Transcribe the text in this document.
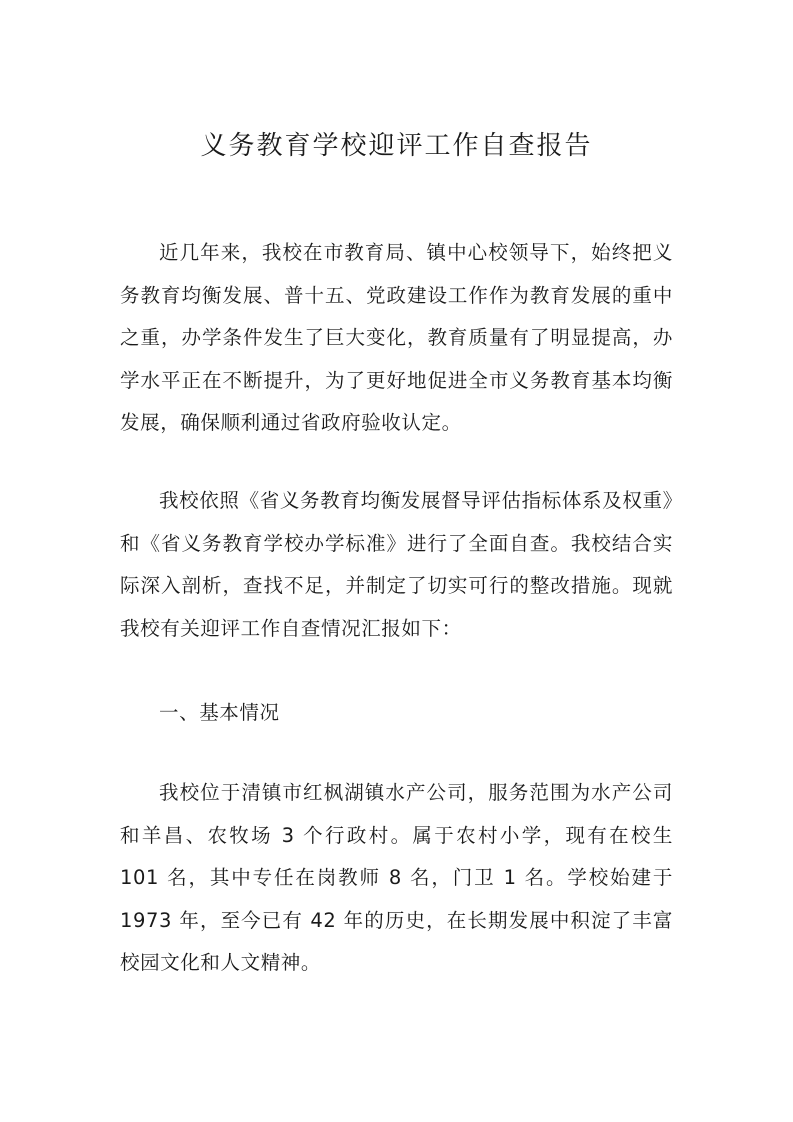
义务教育学校迎评工作自查报告

近几年来，我校在市教育局、镇中心校领导下，始终把义务教育均衡发展、普十五、党政建设工作作为教育发展的重中之重，办学条件发生了巨大变化，教育质量有了明显提高，办学水平正在不断提升，为了更好地促进全市义务教育基本均衡发展，确保顺利通过省政府验收认定。

我校依照《省义务教育均衡发展督导评估指标体系及权重》和《省义务教育学校办学标准》进行了全面自查。我校结合实际深入剖析，查找不足，并制定了切实可行的整改措施。现就我校有关迎评工作自查情况汇报如下：

一、基本情况

我校位于清镇市红枫湖镇水产公司，服务范围为水产公司和羊昌、农牧场 3 个行政村。属于农村小学，现有在校生 101 名，其中专任在岗教师 8 名，门卫 1 名。学校始建于 1973 年，至今已有 42 年的历史，在长期发展中积淀了丰富校园文化和人文精神。
